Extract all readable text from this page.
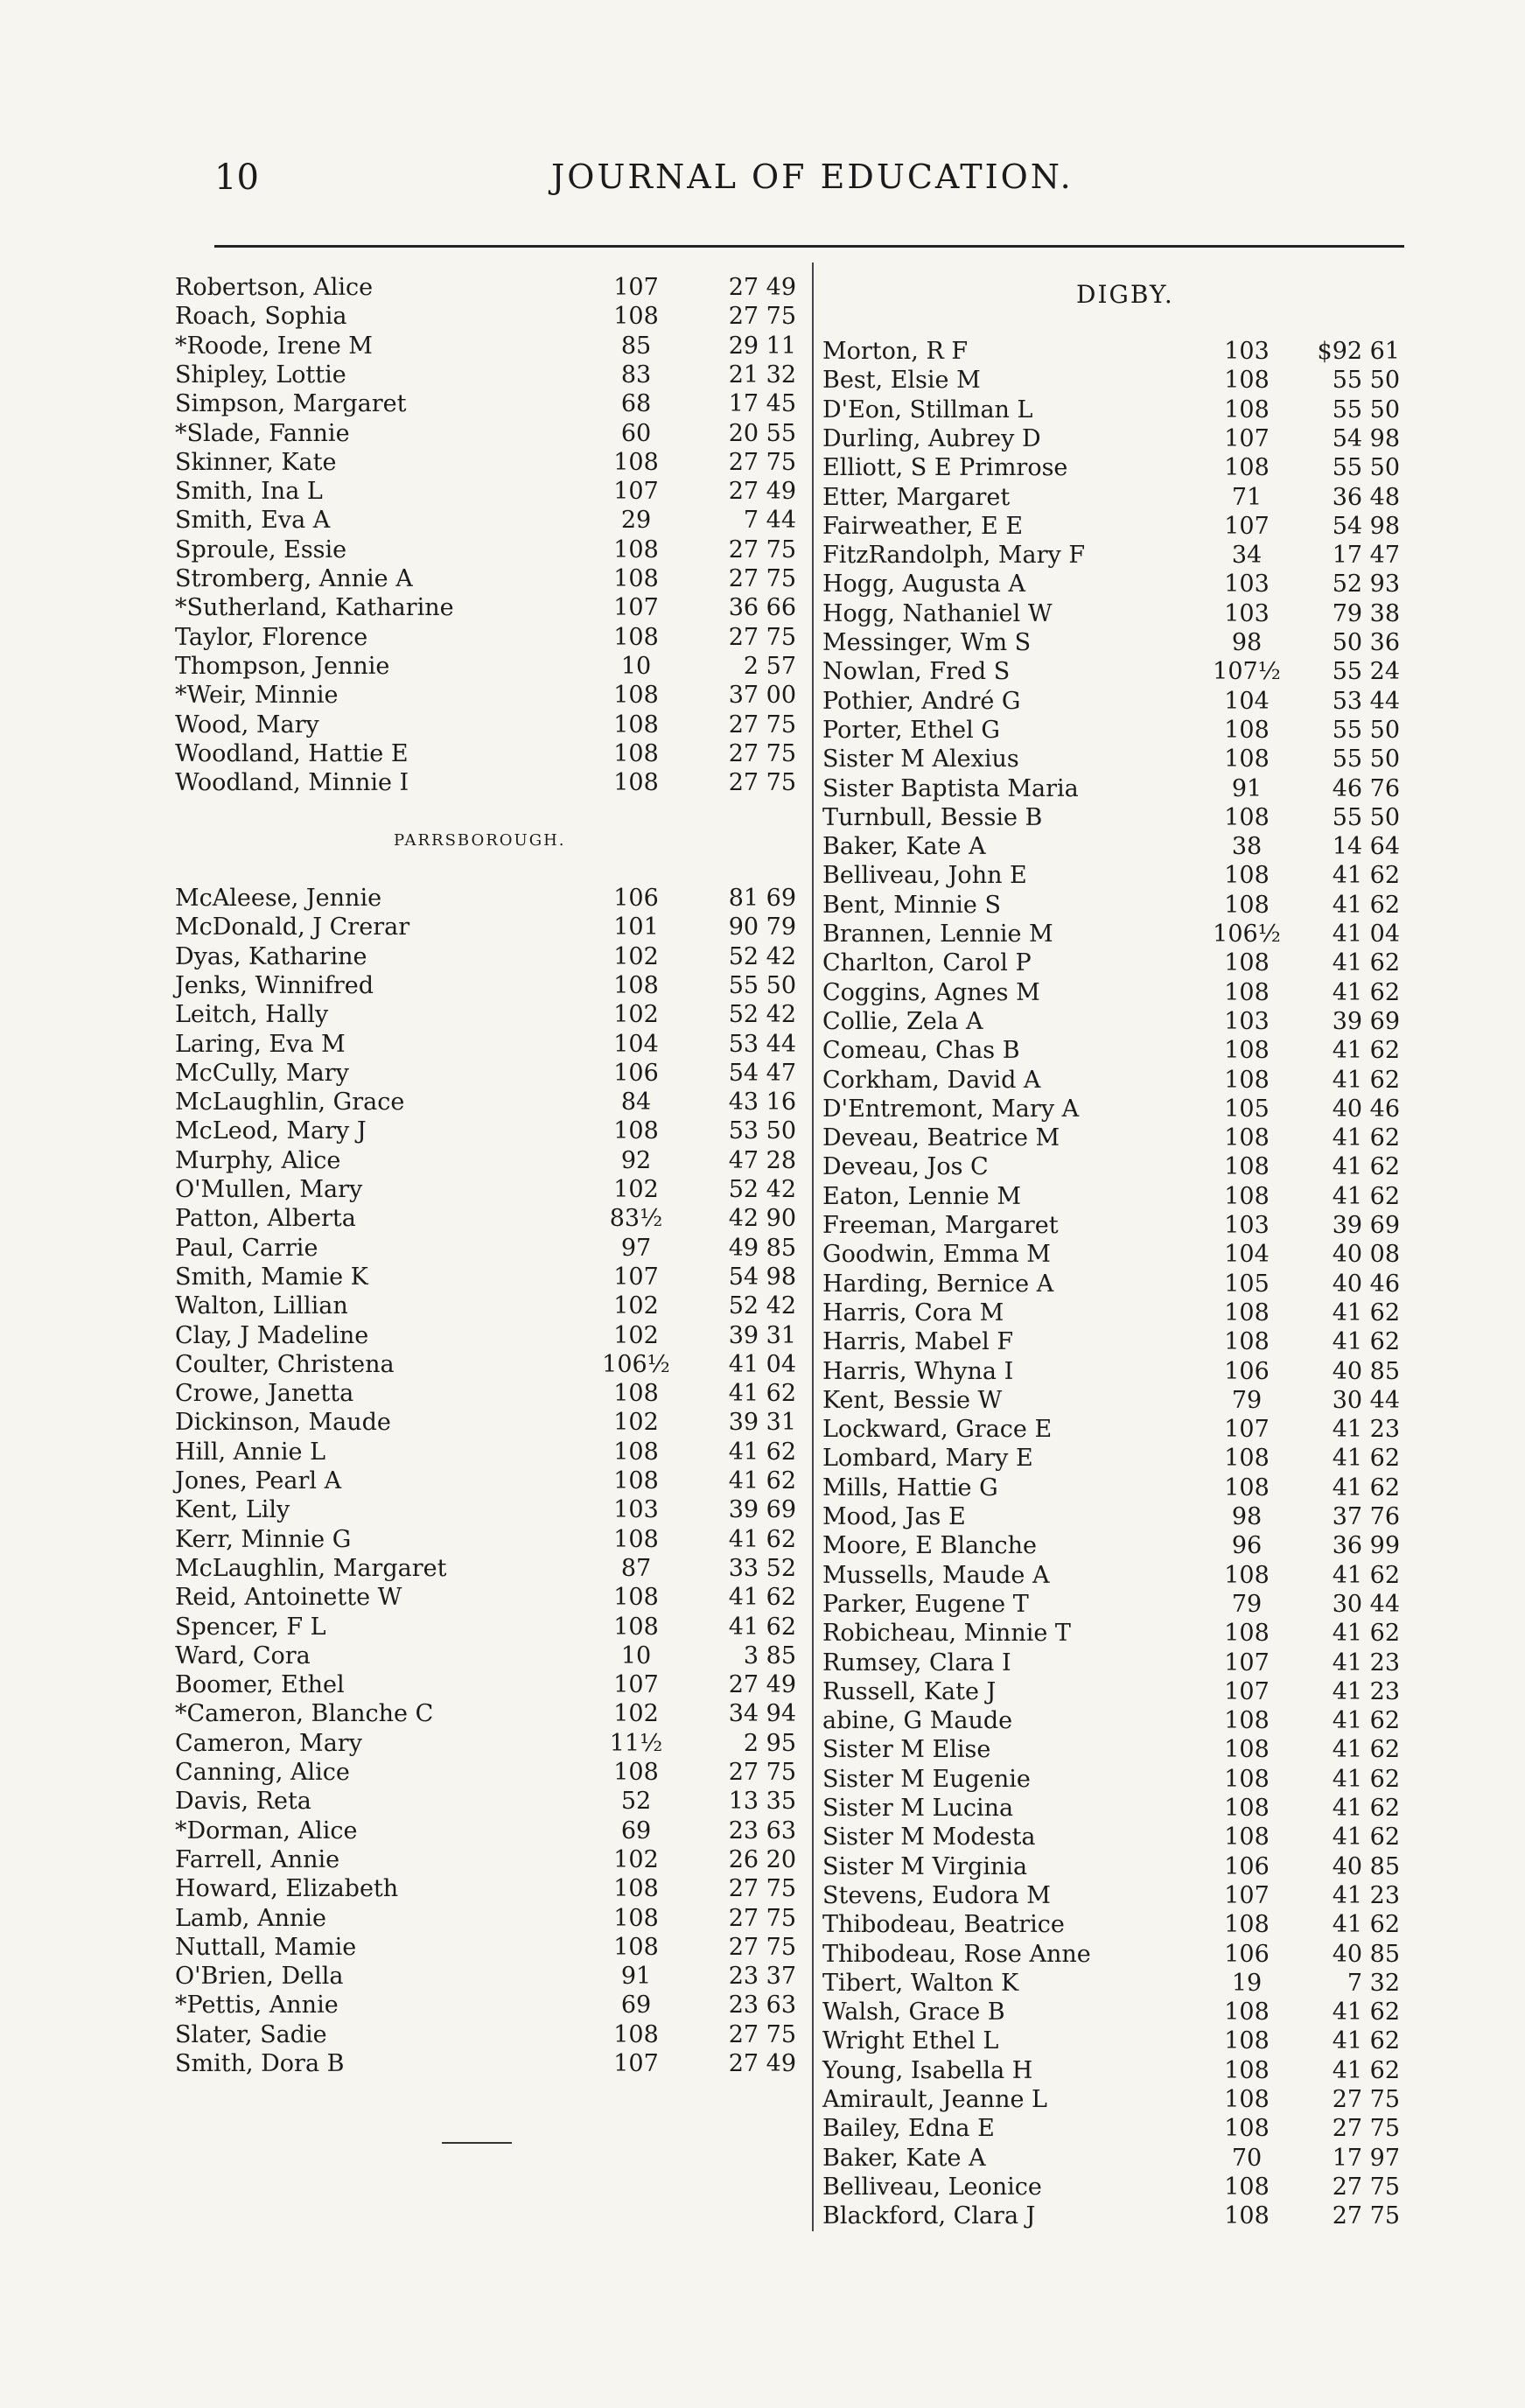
10	JOURNAL OF EDUCATION.
PARRSBOROUGH.
Robertson, Alice	107	27 49
Roach, Sophia	108	27 75
*Roode, Irene M	85	29 11
Shipley, Lottie	83	21 32
Simpson, Margaret	68	17 45
*Slade, Fannie	60	20 55
Skinner, Kate	108	27 75
Smith, Ina L	107	27 49
Smith, Eva A	29	7 44
Sproule, Essie	108	27 75
Stromberg, Annie A	108	27 75
*Sutherland, Katharine	107	36 66
Taylor, Florence	108	27 75
Thompson, Jennie	10	2 57
*Weir, Minnie	108	37 00
Wood, Mary	108	27 75
Woodland, Hattie E	108	27 75
Woodland, Minnie I	108	27 75
McAleese, Jennie	106	81 69
McDonald, J Crerar	101	90 79
Dyas, Katharine	102	52 42
Jenks, Winnifred	108	55 50
Leitch, Hally	102	52 42
Laring, Eva M	104	53 44
McCully, Mary	106	54 47
McLaughlin, Grace	84	43 16
McLeod, Mary J	108	53 50
Murphy, Alice	92	47 28
O'Mullen, Mary	102	52 42
Patton, Alberta	83½	42 90
Paul, Carrie	97	49 85
Smith, Mamie K	107	54 98
Walton, Lillian	102	52 42
Clay, J Madeline	102	39 31
Coulter, Christena	106½	41 04
Crowe, Janetta	108	41 62
Dickinson, Maude	102	39 31
Hill, Annie L	108	41 62
Jones, Pearl A	108	41 62
Kent, Lily	103	39 69
Kerr, Minnie G	108	41 62
McLaughlin, Margaret	87	33 52
Reid, Antoinette W	108	41 62
Spencer, F L	108	41 62
Ward, Cora	10	3 85
Boomer, Ethel	107	27 49
*Cameron, Blanche C	102	34 94
Cameron, Mary	11½	2 95
Canning, Alice	108	27 75
Davis, Reta	52	13 35
*Dorman, Alice	69	23 63
Farrell, Annie	102	26 20
Howard, Elizabeth	108	27 75
Lamb, Annie	108	27 75
Nuttall, Mamie	108	27 75
O'Brien, Della	91	23 37
*Pettis, Annie	69	23 63
Slater, Sadie	108	27 75
Smith, Dora B	107	27 49
DIGBY.
Morton, R F	103	$92 61
Best, Elsie M	108	55 50
D'Eon, Stillman L	108	55 50
Durling, Aubrey D	107	54 98
Elliott, S E Primrose	108	55 50
Etter, Margaret	71	36 48
Fairweather, E E	107	54 98
FitzRandolph, Mary F	34	17 47
Hogg, Augusta A	103	52 93
Hogg, Nathaniel W	103	79 38
Messinger, Wm S	98	50 36
Nowlan, Fred S	107½	55 24
Pothier, André G	104	53 44
Porter, Ethel G	108	55 50
Sister M Alexius	108	55 50
Sister Baptista Maria	91	46 76
Turnbull, Bessie B	108	55 50
Baker, Kate A	38	14 64
Belliveau, John E	108	41 62
Bent, Minnie S	108	41 62
Brannen, Lennie M	106½	41 04
Charlton, Carol P	108	41 62
Coggins, Agnes M	108	41 62
Collie, Zela A	103	39 69
Comeau, Chas B	108	41 62
Corkham, David A	108	41 62
D'Entremont, Mary A	105	40 46
Deveau, Beatrice M	108	41 62
Deveau, Jos C	108	41 62
Eaton, Lennie M	108	41 62
Freeman, Margaret	103	39 69
Goodwin, Emma M	104	40 08
Harding, Bernice A	105	40 46
Harris, Cora M	108	41 62
Harris, Mabel F	108	41 62
Harris, Whyna I	106	40 85
Kent, Bessie W	79	30 44
Lockward, Grace E	107	41 23
Lombard, Mary E	108	41 62
Mills, Hattie G	108	41 62
Mood, Jas E	98	37 76
Moore, E Blanche	96	36 99
Mussells, Maude A	108	41 62
Parker, Eugene T	79	30 44
Robicheau, Minnie T	108	41 62
Rumsey, Clara I	107	41 23
Russell, Kate J	107	41 23
abine, G Maude	108	41 62
Sister M Elise	108	41 62
Sister M Eugenie	108	41 62
Sister M Lucina	108	41 62
Sister M Modesta	108	41 62
Sister M Virginia	106	40 85
Stevens, Eudora M	107	41 23
Thibodeau, Beatrice	108	41 62
Thibodeau, Rose Anne	106	40 85
Tibert, Walton K	19	7 32
Walsh, Grace B	108	41 62
Wright Ethel L	108	41 62
Young, Isabella H	108	41 62
Amirault, Jeanne L	108	27 75
Bailey, Edna E	108	27 75
Baker, Kate A	70	17 97
Belliveau, Leonice	108	27 75
Blackford, Clara J	108	27 75
